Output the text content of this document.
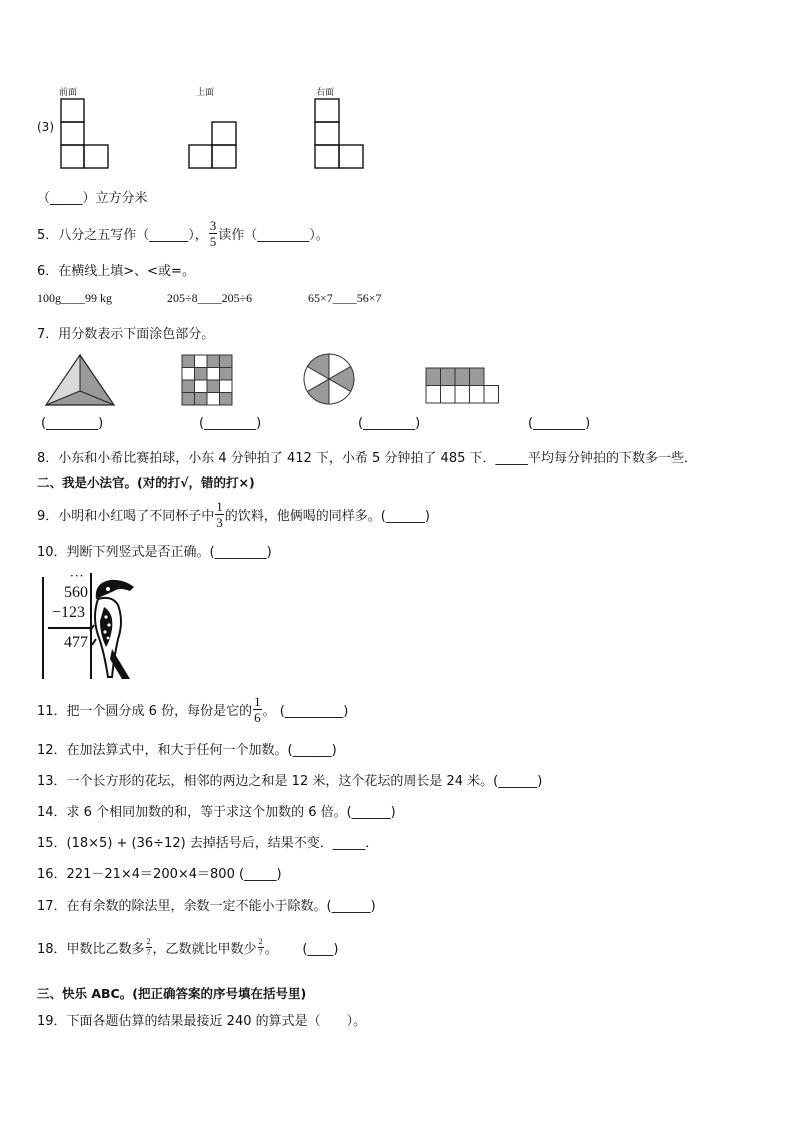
前面	上面	右面
(3)
（_____）立方分米
5．八分之五写作（______）， $\frac{3}{5}$ 读作（________）。
6．在横线上填>、<或=。
100g____99 kg	205÷8____205÷6	65×7____56×7
7．用分数表示下面涂色部分。
(________)	(________)	(________)	(________)
8．小东和小希比赛拍球，小东 4 分钟拍了 412 下，小希 5 分钟拍了 485 下．_____平均每分钟拍的下数多一些．
二、我是小法官。(对的打√，错的打×)
9．小明和小红喝了不同杯子中 $\frac{1}{3}$ 的饮料，他俩喝的同样多。(______)
10．判断下列竖式是否正确。(________)
···
560
−123
477
11．把一个圆分成 6 份，每份是它的 $\frac{1}{6}$ 。 (_________)
12．在加法算式中，和大于任何一个加数。(______)
13．一个长方形的花坛，相邻的两边之和是 12 米，这个花坛的周长是 24 米。(______)
14．求 6 个相同加数的和，等于求这个加数的 6 倍。(______)
15．(18×5) + (36÷12) 去掉括号后，结果不变．_____．
16．221－21×4＝200×4＝800 (_____)
17．在有余数的除法里，余数一定不能小于除数。(______)
18．甲数比乙数多 $\frac{2}{7}$ ，乙数就比甲数少 $\frac{2}{7}$ 。      (____)
三、快乐 ABC。(把正确答案的序号填在括号里)
19．下面各题估算的结果最接近 240 的算式是（　　）。
